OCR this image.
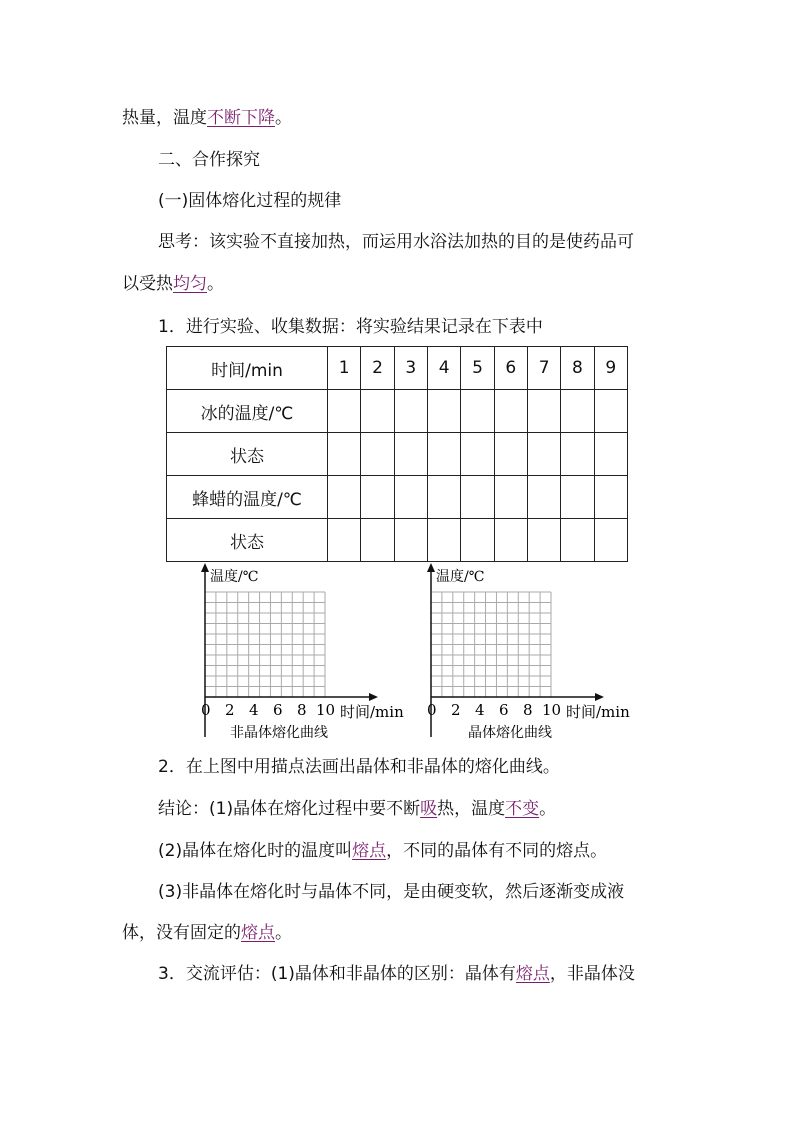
热量，温度不断下降。
二、合作探究
(一)固体熔化过程的规律
思考：该实验不直接加热，而运用水浴法加热的目的是使药品可
以受热均匀。
1．进行实验、收集数据：将实验结果记录在下表中
时间/min	1	2	3	4	5	6	7	8	9
冰的温度/℃									
状态									
蜂蜡的温度/℃									
状态									
温度/℃
时间/min
0 2 4 6 8 10
非晶体熔化曲线
温度/℃
时间/min
0 2 4 6 8 10
晶体熔化曲线
2．在上图中用描点法画出晶体和非晶体的熔化曲线。
结论：(1)晶体在熔化过程中要不断吸热，温度不变。
(2)晶体在熔化时的温度叫熔点，不同的晶体有不同的熔点。
(3)非晶体在熔化时与晶体不同，是由硬变软，然后逐渐变成液
体，没有固定的熔点。
3．交流评估：(1)晶体和非晶体的区别：晶体有熔点，非晶体没
